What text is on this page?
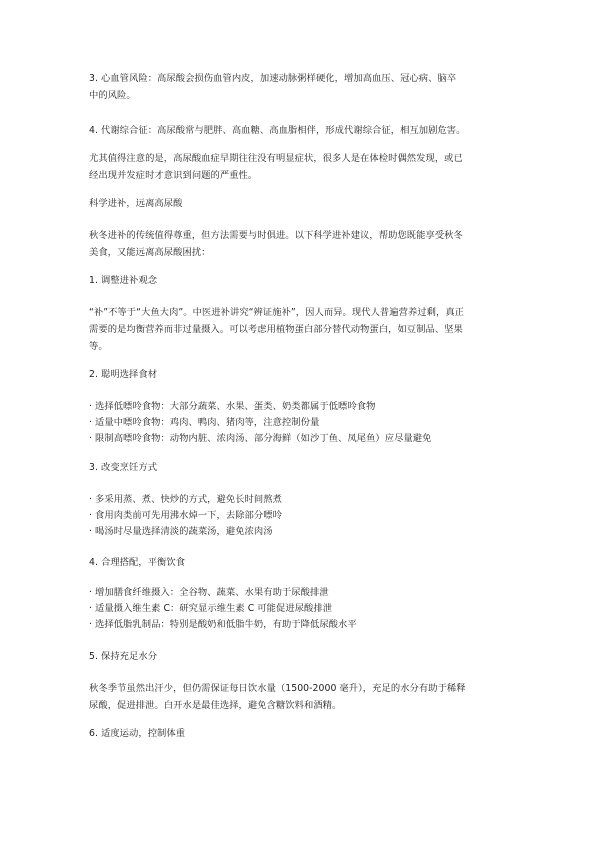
3. 心血管风险：高尿酸会损伤血管内皮，加速动脉粥样硬化，增加高血压、冠心病、脑卒
中的风险。
4. 代谢综合征：高尿酸常与肥胖、高血糖、高血脂相伴，形成代谢综合征，相互加剧危害。
尤其值得注意的是，高尿酸血症早期往往没有明显症状，很多人是在体检时偶然发现，或已
经出现并发症时才意识到问题的严重性。
科学进补，远离高尿酸
秋冬进补的传统值得尊重，但方法需要与时俱进。以下科学进补建议，帮助您既能享受秋冬
美食，又能远离高尿酸困扰：
1. 调整进补观念
“补”不等于“大鱼大肉”。中医进补讲究“辨证施补”，因人而异。现代人普遍营养过剩，真正
需要的是均衡营养而非过量摄入。可以考虑用植物蛋白部分替代动物蛋白，如豆制品、坚果
等。
2. 聪明选择食材
· 选择低嘌呤食物：大部分蔬菜、水果、蛋类、奶类都属于低嘌呤食物
· 适量中嘌呤食物：鸡肉、鸭肉、猪肉等，注意控制份量
· 限制高嘌呤食物：动物内脏、浓肉汤、部分海鲜（如沙丁鱼、凤尾鱼）应尽量避免
3. 改变烹饪方式
· 多采用蒸、煮、快炒的方式，避免长时间熬煮
· 食用肉类前可先用沸水焯一下，去除部分嘌呤
· 喝汤时尽量选择清淡的蔬菜汤，避免浓肉汤
4. 合理搭配，平衡饮食
· 增加膳食纤维摄入：全谷物、蔬菜、水果有助于尿酸排泄
· 适量摄入维生素 C：研究显示维生素 C 可能促进尿酸排泄
· 选择低脂乳制品：特别是酸奶和低脂牛奶，有助于降低尿酸水平
5. 保持充足水分
秋冬季节虽然出汗少，但仍需保证每日饮水量（1500-2000 毫升），充足的水分有助于稀释
尿酸，促进排泄。白开水是最佳选择，避免含糖饮料和酒精。
6. 适度运动，控制体重
